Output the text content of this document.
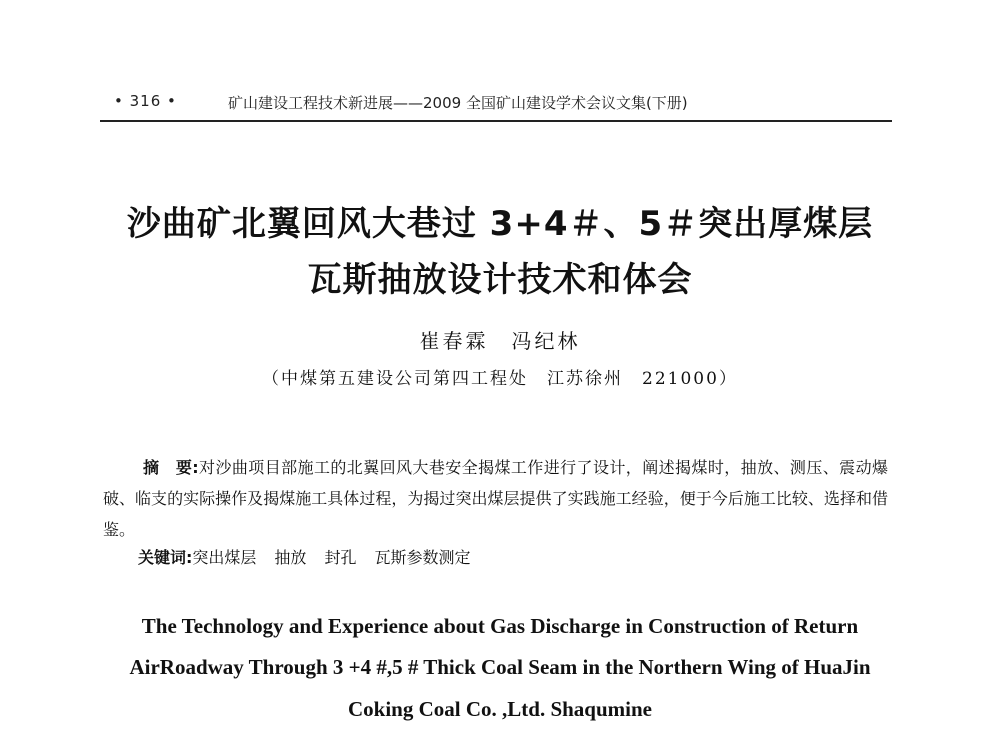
• 316 •	矿山建设工程技术新进展——2009 全国矿山建设学术会议文集(下册)
沙曲矿北翼回风大巷过 3+4＃、5＃突出厚煤层
瓦斯抽放设计技术和体会
崔春霖　冯纪林
（中煤第五建设公司第四工程处　江苏徐州　221000）
摘　要:对沙曲项目部施工的北翼回风大巷安全揭煤工作进行了设计，阐述揭煤时，抽放、测压、震动爆破、临支的实际操作及揭煤施工具体过程，为揭过突出煤层提供了实践施工经验，便于今后施工比较、选择和借鉴。
关键词:突出煤层 抽放 封孔 瓦斯参数测定
The Technology and Experience about Gas Discharge in Construction of Return
AirRoadway Through 3 +4 #,5 # Thick Coal Seam in the Northern Wing of HuaJin
Coking Coal Co. ,Ltd. Shaqumine
